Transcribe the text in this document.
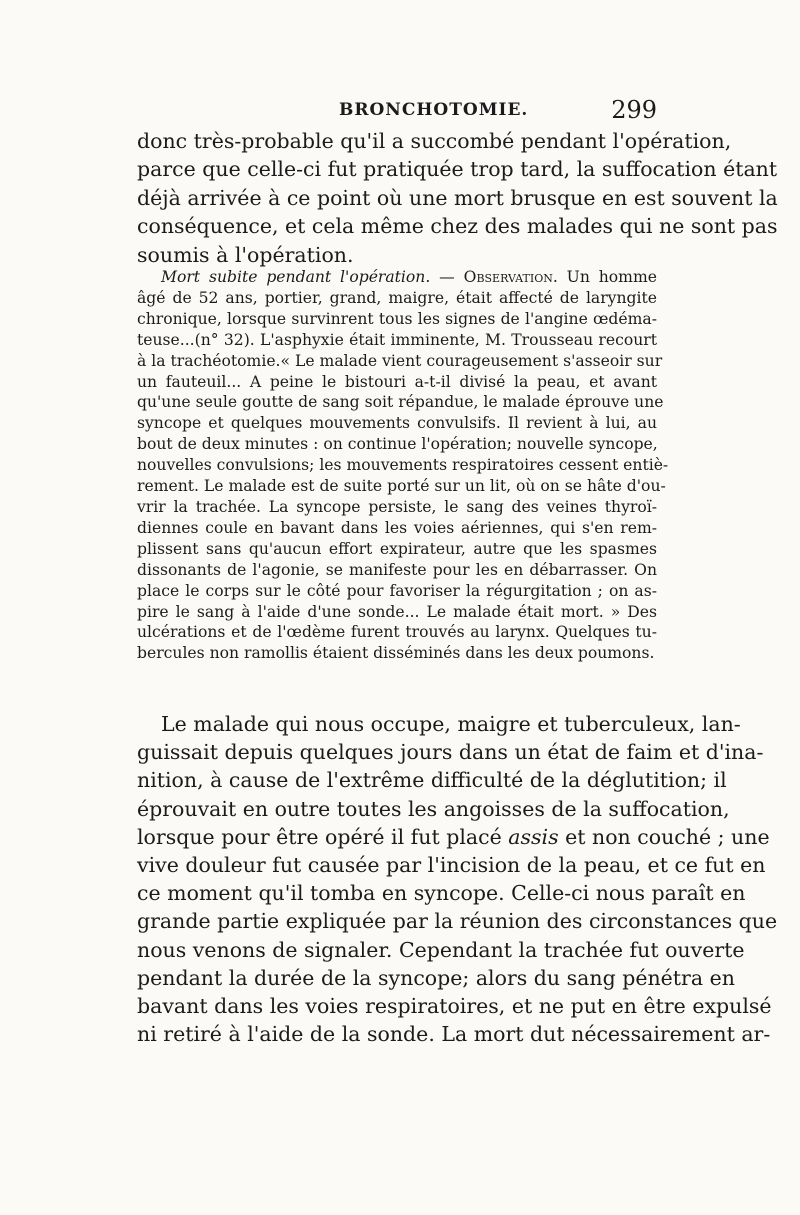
BRONCHOTOMIE.	299
donc très-probable qu'il a succombé pendant l'opération,
parce que celle-ci fut pratiquée trop tard, la suffocation étant
déjà arrivée à ce point où une mort brusque en est souvent la
conséquence, et cela même chez des malades qui ne sont pas
soumis à l'opération.
Mort subite pendant l'opération. — Observation. Un homme
âgé de 52 ans, portier, grand, maigre, était affecté de laryngite
chronique, lorsque survinrent tous les signes de l'angine œdéma-
teuse...(n° 32). L'asphyxie était imminente, M. Trousseau recourt
à la trachéotomie.« Le malade vient courageusement s'asseoir sur
un fauteuil... A peine le bistouri a-t-il divisé la peau, et avant
qu'une seule goutte de sang soit répandue, le malade éprouve une
syncope et quelques mouvements convulsifs. Il revient à lui, au
bout de deux minutes : on continue l'opération; nouvelle syncope,
nouvelles convulsions; les mouvements respiratoires cessent entiè-
rement. Le malade est de suite porté sur un lit, où on se hâte d'ou-
vrir la trachée. La syncope persiste, le sang des veines thyroï-
diennes coule en bavant dans les voies aériennes, qui s'en rem-
plissent sans qu'aucun effort expirateur, autre que les spasmes
dissonants de l'agonie, se manifeste pour les en débarrasser. On
place le corps sur le côté pour favoriser la régurgitation ; on as-
pire le sang à l'aide d'une sonde... Le malade était mort. » Des
ulcérations et de l'œdème furent trouvés au larynx. Quelques tu-
bercules non ramollis étaient disséminés dans les deux poumons.
Le malade qui nous occupe, maigre et tuberculeux, lan-
guissait depuis quelques jours dans un état de faim et d'ina-
nition, à cause de l'extrême difficulté de la déglutition; il
éprouvait en outre toutes les angoisses de la suffocation,
lorsque pour être opéré il fut placé assis et non couché ; une
vive douleur fut causée par l'incision de la peau, et ce fut en
ce moment qu'il tomba en syncope. Celle-ci nous paraît en
grande partie expliquée par la réunion des circonstances que
nous venons de signaler. Cependant la trachée fut ouverte
pendant la durée de la syncope; alors du sang pénétra en
bavant dans les voies respiratoires, et ne put en être expulsé
ni retiré à l'aide de la sonde. La mort dut nécessairement ar-
